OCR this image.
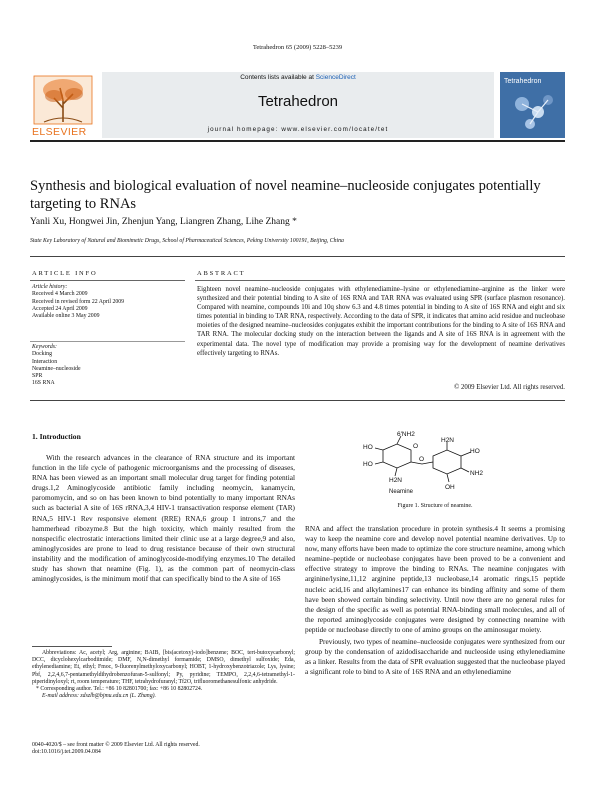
Tetrahedron 65 (2009) 5228–5239
ELSEVIER
Contents lists available at ScienceDirect
Tetrahedron
journal homepage: www.elsevier.com/locate/tet
Tetrahedron
Synthesis and biological evaluation of novel neamine–nucleoside conjugates potentially targeting to RNAs
Yanli Xu, Hongwei Jin, Zhenjun Yang, Liangren Zhang, Lihe Zhang *
State Key Laboratory of Natural and Biomimetic Drugs, School of Pharmaceutical Sciences, Peking University 100191, Beijing, China
ARTICLE INFO	ABSTRACT
Article history:
Received 4 March 2009
Received in revised form 22 April 2009
Accepted 24 April 2009
Available online 3 May 2009
Keywords:
Docking
Interaction
Neamine–nucleoside
SPR
16S RNA
Eighteen novel neamine–nucleoside conjugates with ethylenediamine–lysine or ethylenediamine–arginine as the linker were synthesized and their potential binding to A site of 16S RNA and TAR RNA was evaluated using SPR (surface plasmon resonance). Compared with neamine, compounds 10i and 10q show 6.3 and 4.8 times potential in binding to A site of 16S RNA and eight and six times potential in binding to TAR RNA, respectively. According to the data of SPR, it indicates that amino acid residue and nucleobase moieties of the designed neamine–nucleosides conjugates exhibit the important contributions for the binding to A site of 16S RNA and TAR RNA. The molecular docking study on the interaction between the ligands and A site of 16S RNA is in agreement with the experimental data. The novel type of modification may provide a promising way for the development of neamine derivatives effectively targeting to RNAs.
© 2009 Elsevier Ltd. All rights reserved.
1. Introduction

With the research advances in the clearance of RNA structure and its important function in the life cycle of pathogenic microorganisms and the processing of diseases, RNA has been viewed as an important small molecular drug target for finding potential drugs.1,2 Aminoglycoside antibiotic family including neomycin, kanamycin, paromomycin, and so on has been known to bind potentially to many important RNAs such as bacterial A site of 16S rRNA,3,4 HIV-1 transactivation response element (TAR) RNA,5 HIV-1 Rev responsive element (RRE) RNA,6 group I introns,7 and the hammerhead ribozyme.8 But the high toxicity, which mainly resulted from the nonspecific electrostatic interactions limited their clinic use at a large degree,9 and also, aminoglycosides are prone to lead to drug resistance because of their own structural instability and the modification of aminoglycoside-modifying enzymes.10 The detailed study has shown that neamine (Fig. 1), as the common part of neomycin-class aminoglycosides, is the minimum motif that can specifically bind to the A site of 16S

Abbreviations: Ac, acetyl; Arg, arginine; BAIB, [bis(acetoxy)-iodo]benzene; BOC, tert-butoxycarbonyl; DCC, dicyclohexylcarbodiimide; DMF, N,N-dimethyl formamide; DMSO, dimethyl sulfoxide; Eda, ethylenediamine; Et, ethyl; Fmoc, 9-fluorenylmethyloxycarbonyl; HOBT, 1-hydroxybenzotriazole; Lys, lysine; Pbf, 2,2,4,6,7-pentamethyldihydrobenzofuran-5-sulfonyl; Py, pyridine; TEMPO, 2,2,4,6-tetramethyl-1-piperidinyloxyl; rt, room temperature; THF, tetrahydrofuranyl; Tf2O, trifluoromethanesulfonic anhydride.
* Corresponding author. Tel.: +86 10 82801700; fax: +86 10 82802724.
E-mail address: zdszlh@bjmu.edu.cn (L. Zhang).
0040-4020/$ – see front matter © 2009 Elsevier Ltd. All rights reserved.
doi:10.1016/j.tet.2009.04.084
6'NH2
HO
HO
H2N
O
H2N
NH2
HO
OH
O
Neamine
Figure 1. Structure of neamine.

RNA and affect the translation procedure in protein synthesis.4 It seems a promising way to keep the neamine core and develop novel potential neamine derivatives. Up to now, many efforts have been made to optimize the core structure neamine, among which neamine–peptide or nucleobase conjugates have been proved to be a convenient and effective strategy to improve the binding to RNAs. The neamine conjugates with arginine/lysine,11,12 arginine peptide,13 nucleobase,14 aromatic rings,15 peptide nucleic acid,16 and alkylamines17 can enhance its binding affinity and some of them have been showed certain binding selectivity. Until now there are no general rules for the design of the specific as well as potential RNA-binding small molecules, and all of the reported aminoglycoside conjugates were designed by connecting neamine with peptide or nucleobase directly to one of amino groups on the aminosugar moiety.

Previously, two types of neamine–nucleoside conjugates were synthesized from our group by the condensation of azidodisaccharide and nucleoside using ethylenediamine as a linker. Results from the data of SPR evaluation suggested that the nucleobase played a significant role to bind to A site of 16S RNA and an ethylenediamine
